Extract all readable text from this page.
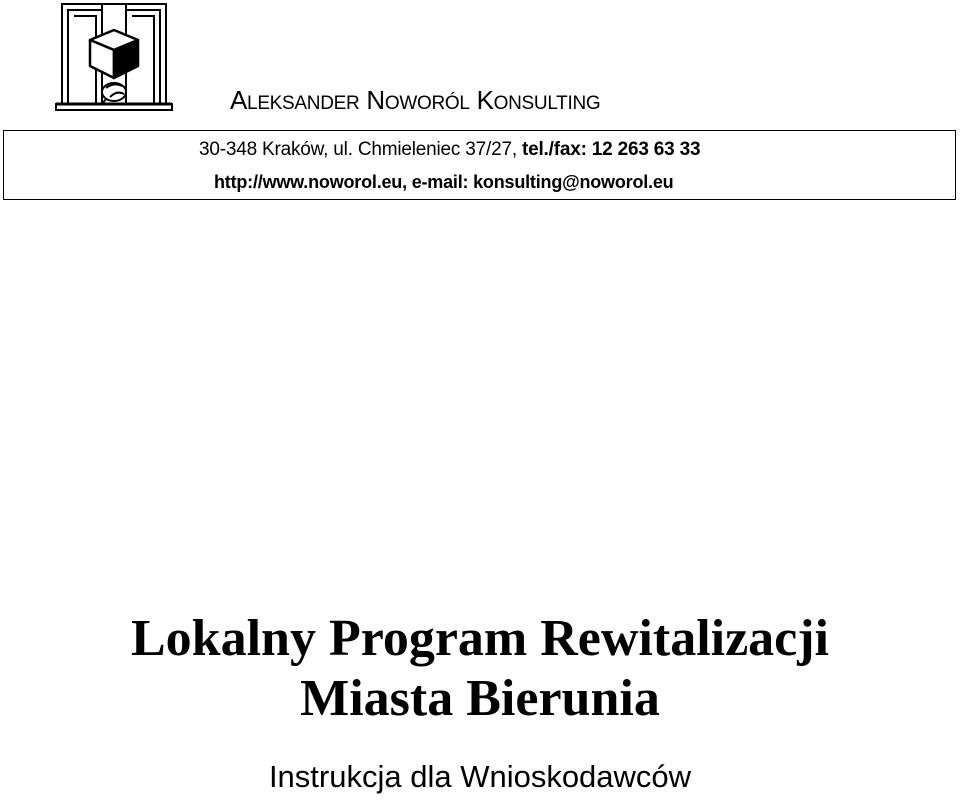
ALEKSANDER NOWORÓL KONSULTING
30-348 Kraków, ul. Chmieleniec 37/27, tel./fax: 12 263 63 33
http://www.noworol.eu, e-mail: konsulting@noworol.eu
Lokalny Program Rewitalizacji
Miasta Bierunia
Instrukcja dla Wnioskodawców
